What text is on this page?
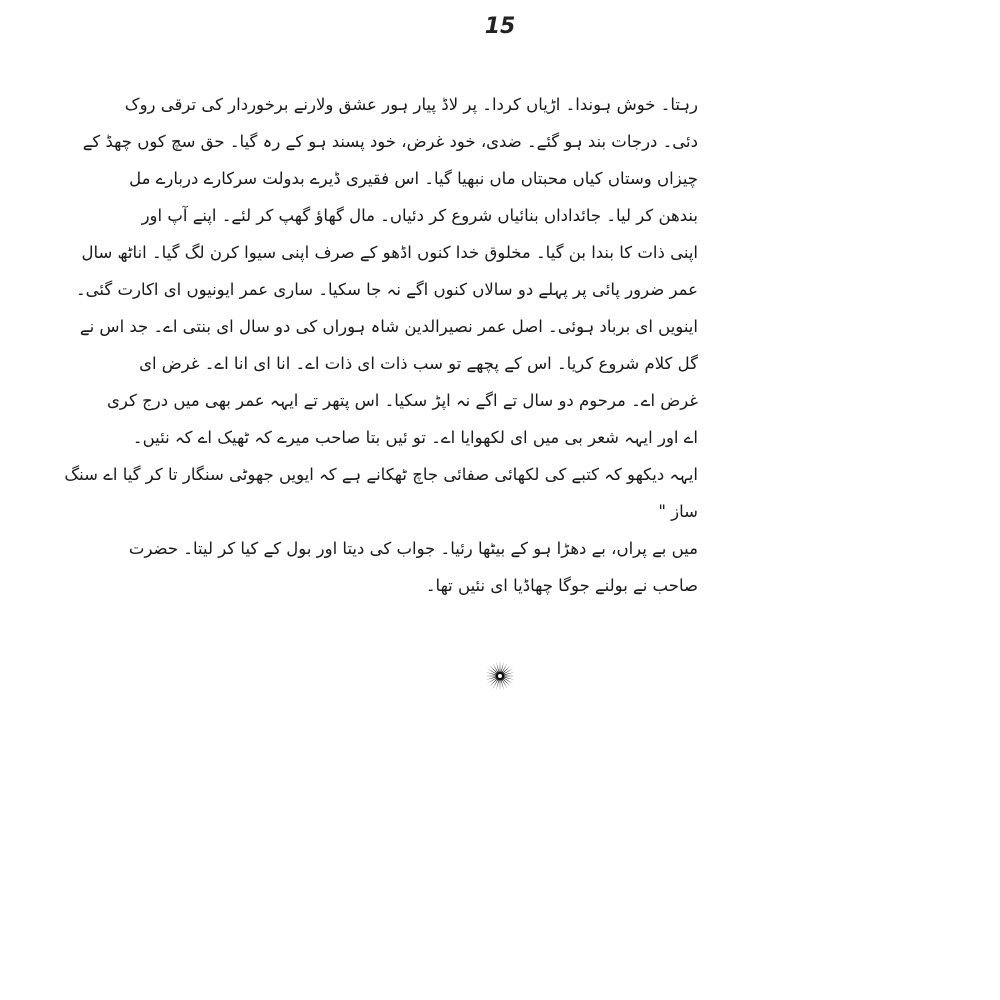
15
رہتا۔ خوش ہوندا۔ اڑیاں کردا۔ پر لاڈ پیار ہور عشق ولارنے برخوردار کی ترقی روک
دئی۔ درجات بند ہو گئے۔ ضدی، خود غرض، خود پسند ہو کے رہ گیا۔ حق سچ کوں چھڈ کے
چیزاں وستاں کیاں محبتاں ماں نبھیا گیا۔ اس فقیری ڈیرے بدولت سرکارے دربارے مل
بندھن کر لیا۔ جائداداں بنائیاں شروع کر دئیاں۔ مال گھاؤ گھپ کر لئے۔ اپنے آپ اور
اپنی ذات کا بندا بن گیا۔ مخلوق خدا کنوں اڈھو کے صرف اپنی سیوا کرن لگ گیا۔ اناٹھ سال
عمر ضرور پائی پر پہلے دو سالاں کنوں اگے نہ جا سکیا۔ ساری عمر ایونیوں ای اکارت گئی۔
اینویں ای برباد ہوئی۔ اصل عمر نصیرالدین شاہ ہوراں کی دو سال ای بنتی اے۔ جد اس نے
گل کلام شروع کریا۔ اس کے پچھے تو سب ذات ای ذات اے۔ انا ای انا اے۔ غرض ای
غرض اے۔ مرحوم دو سال تے اگے نہ اپڑ سکیا۔ اس پتھر تے ایہہ عمر بھی میں درج کری
اے اور ایہہ شعر بی میں ای لکھوایا اے۔ تو ئیں بتا صاحب میرے کہ ٹھیک اے کہ نئیں۔
ایہہ دیکھو کہ کتبے کی لکھائی صفائی جاچ ٹھکانے ہے کہ ایویں جھوٹی سنگار تا کر گیا اے سنگ
ساز "
میں بے پراں، بے دھڑا ہو کے بیٹھا رئیا۔ جواب کی دیتا اور بول کے کیا کر لیتا۔ حضرت
صاحب نے بولنے جوگا چھاڈیا ای نئیں تھا۔
